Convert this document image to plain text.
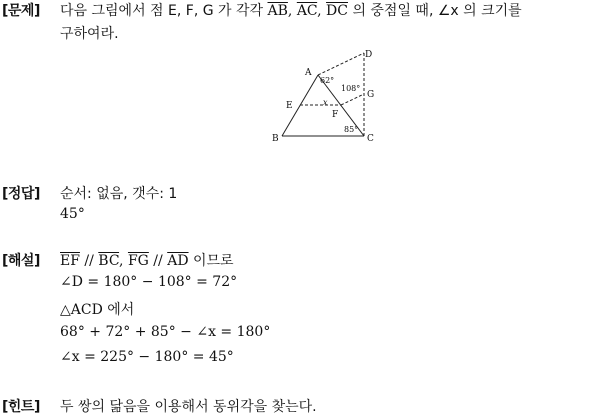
[문제] 다음 그림에서 점 E, F, G 가 각각 $\overline{AB}$, $\overline{AC}$, $\overline{DC}$ 의 중점일 때, ∠x 의 크기를
구하여라.
A
D
E
F
G
B	C
62°
108°
x
85°
[정답] 순서: 없음, 갯수: 1
45°
[해설] $\overline{EF} // \overline{BC}$, $\overline{FG} // \overline{AD}$ 이므로
∠D = 180° − 108° = 72°
△ACD 에서
68° + 72° + 85° − ∠x = 180°
∠x = 225° − 180° = 45°
[힌트] 두 쌍의 닮음을 이용해서 동위각을 찾는다.
